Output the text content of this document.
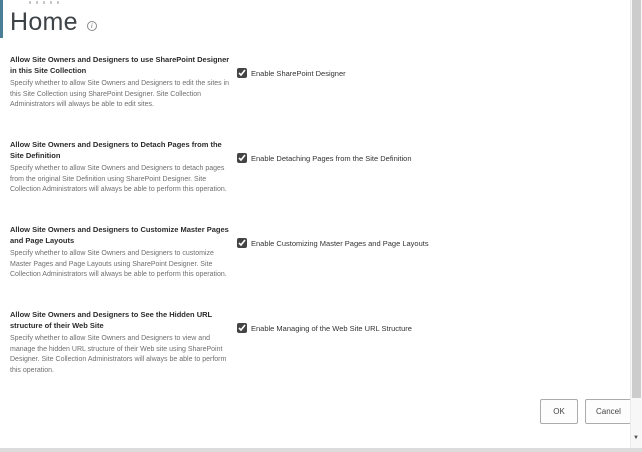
Home	i
Allow Site Owners and Designers to use SharePoint Designer in this Site Collection
Specify whether to allow Site Owners and Designers to edit the sites in this Site Collection using SharePoint Designer. Site Collection Administrators will always be able to edit sites.
Enable SharePoint Designer
Allow Site Owners and Designers to Detach Pages from the Site Definition
Specify whether to allow Site Owners and Designers to detach pages from the original Site Definition using SharePoint Designer. Site Collection Administrators will always be able to perform this operation.
Enable Detaching Pages from the Site Definition
Allow Site Owners and Designers to Customize Master Pages and Page Layouts
Specify whether to allow Site Owners and Designers to customize Master Pages and Page Layouts using SharePoint Designer. Site Collection Administrators will always be able to perform this operation.
Enable Customizing Master Pages and Page Layouts
Allow Site Owners and Designers to See the Hidden URL structure of their Web Site
Specify whether to allow Site Owners and Designers to view and manage the hidden URL structure of their Web site using SharePoint Designer. Site Collection Administrators will always be able to perform this operation.
Enable Managing of the Web Site URL Structure
OK	Cancel
▼
